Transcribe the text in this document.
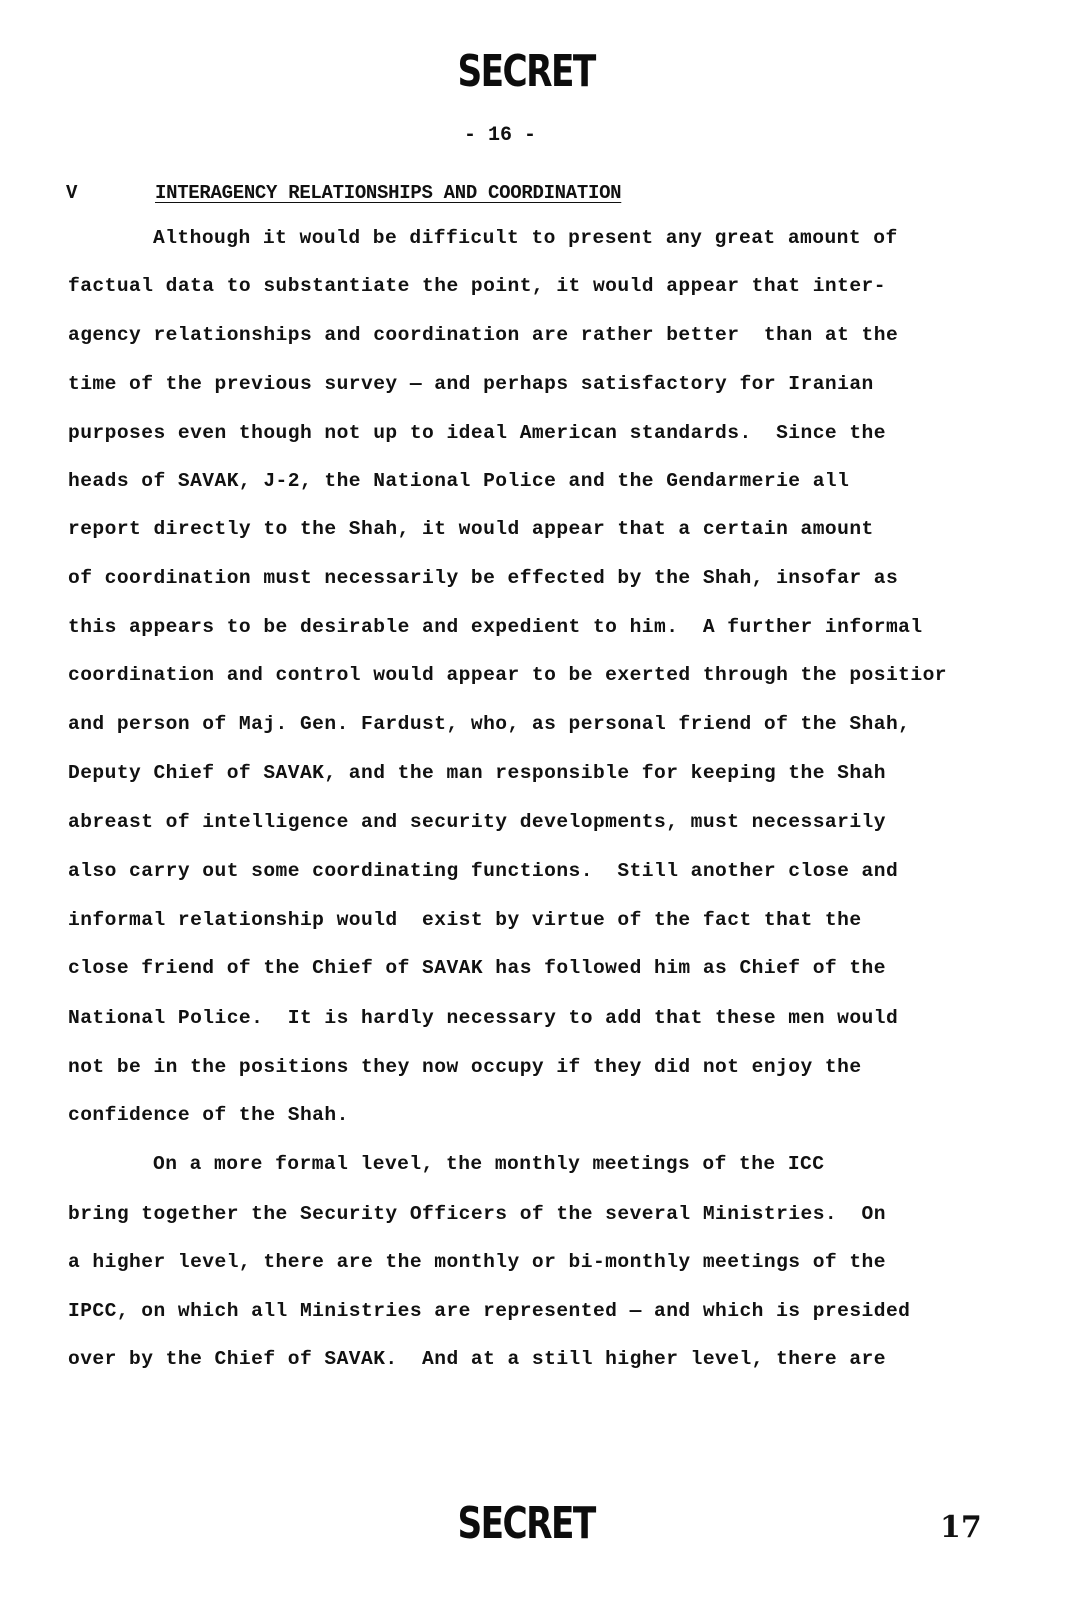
SECRET
- 16 -
V	INTERAGENCY RELATIONSHIPS AND COORDINATION
Although it would be difficult to present any great amount of
factual data to substantiate the point, it would appear that inter-
agency relationships and coordination are rather better  than at the
time of the previous survey — and perhaps satisfactory for Iranian
purposes even though not up to ideal American standards.  Since the
heads of SAVAK, J-2, the National Police and the Gendarmerie all
report directly to the Shah, it would appear that a certain amount
of coordination must necessarily be effected by the Shah, insofar as
this appears to be desirable and expedient to him.  A further informal
coordination and control would appear to be exerted through the positior
and person of Maj. Gen. Fardust, who, as personal friend of the Shah,
Deputy Chief of SAVAK, and the man responsible for keeping the Shah
abreast of intelligence and security developments, must necessarily
also carry out some coordinating functions.  Still another close and
informal relationship would  exist by virtue of the fact that the
close friend of the Chief of SAVAK has followed him as Chief of the
National Police.  It is hardly necessary to add that these men would
not be in the positions they now occupy if they did not enjoy the
confidence of the Shah.
On a more formal level, the monthly meetings of the ICC
bring together the Security Officers of the several Ministries.  On
a higher level, there are the monthly or bi-monthly meetings of the
IPCC, on which all Ministries are represented — and which is presided
over by the Chief of SAVAK.  And at a still higher level, there are
SECRET	17
